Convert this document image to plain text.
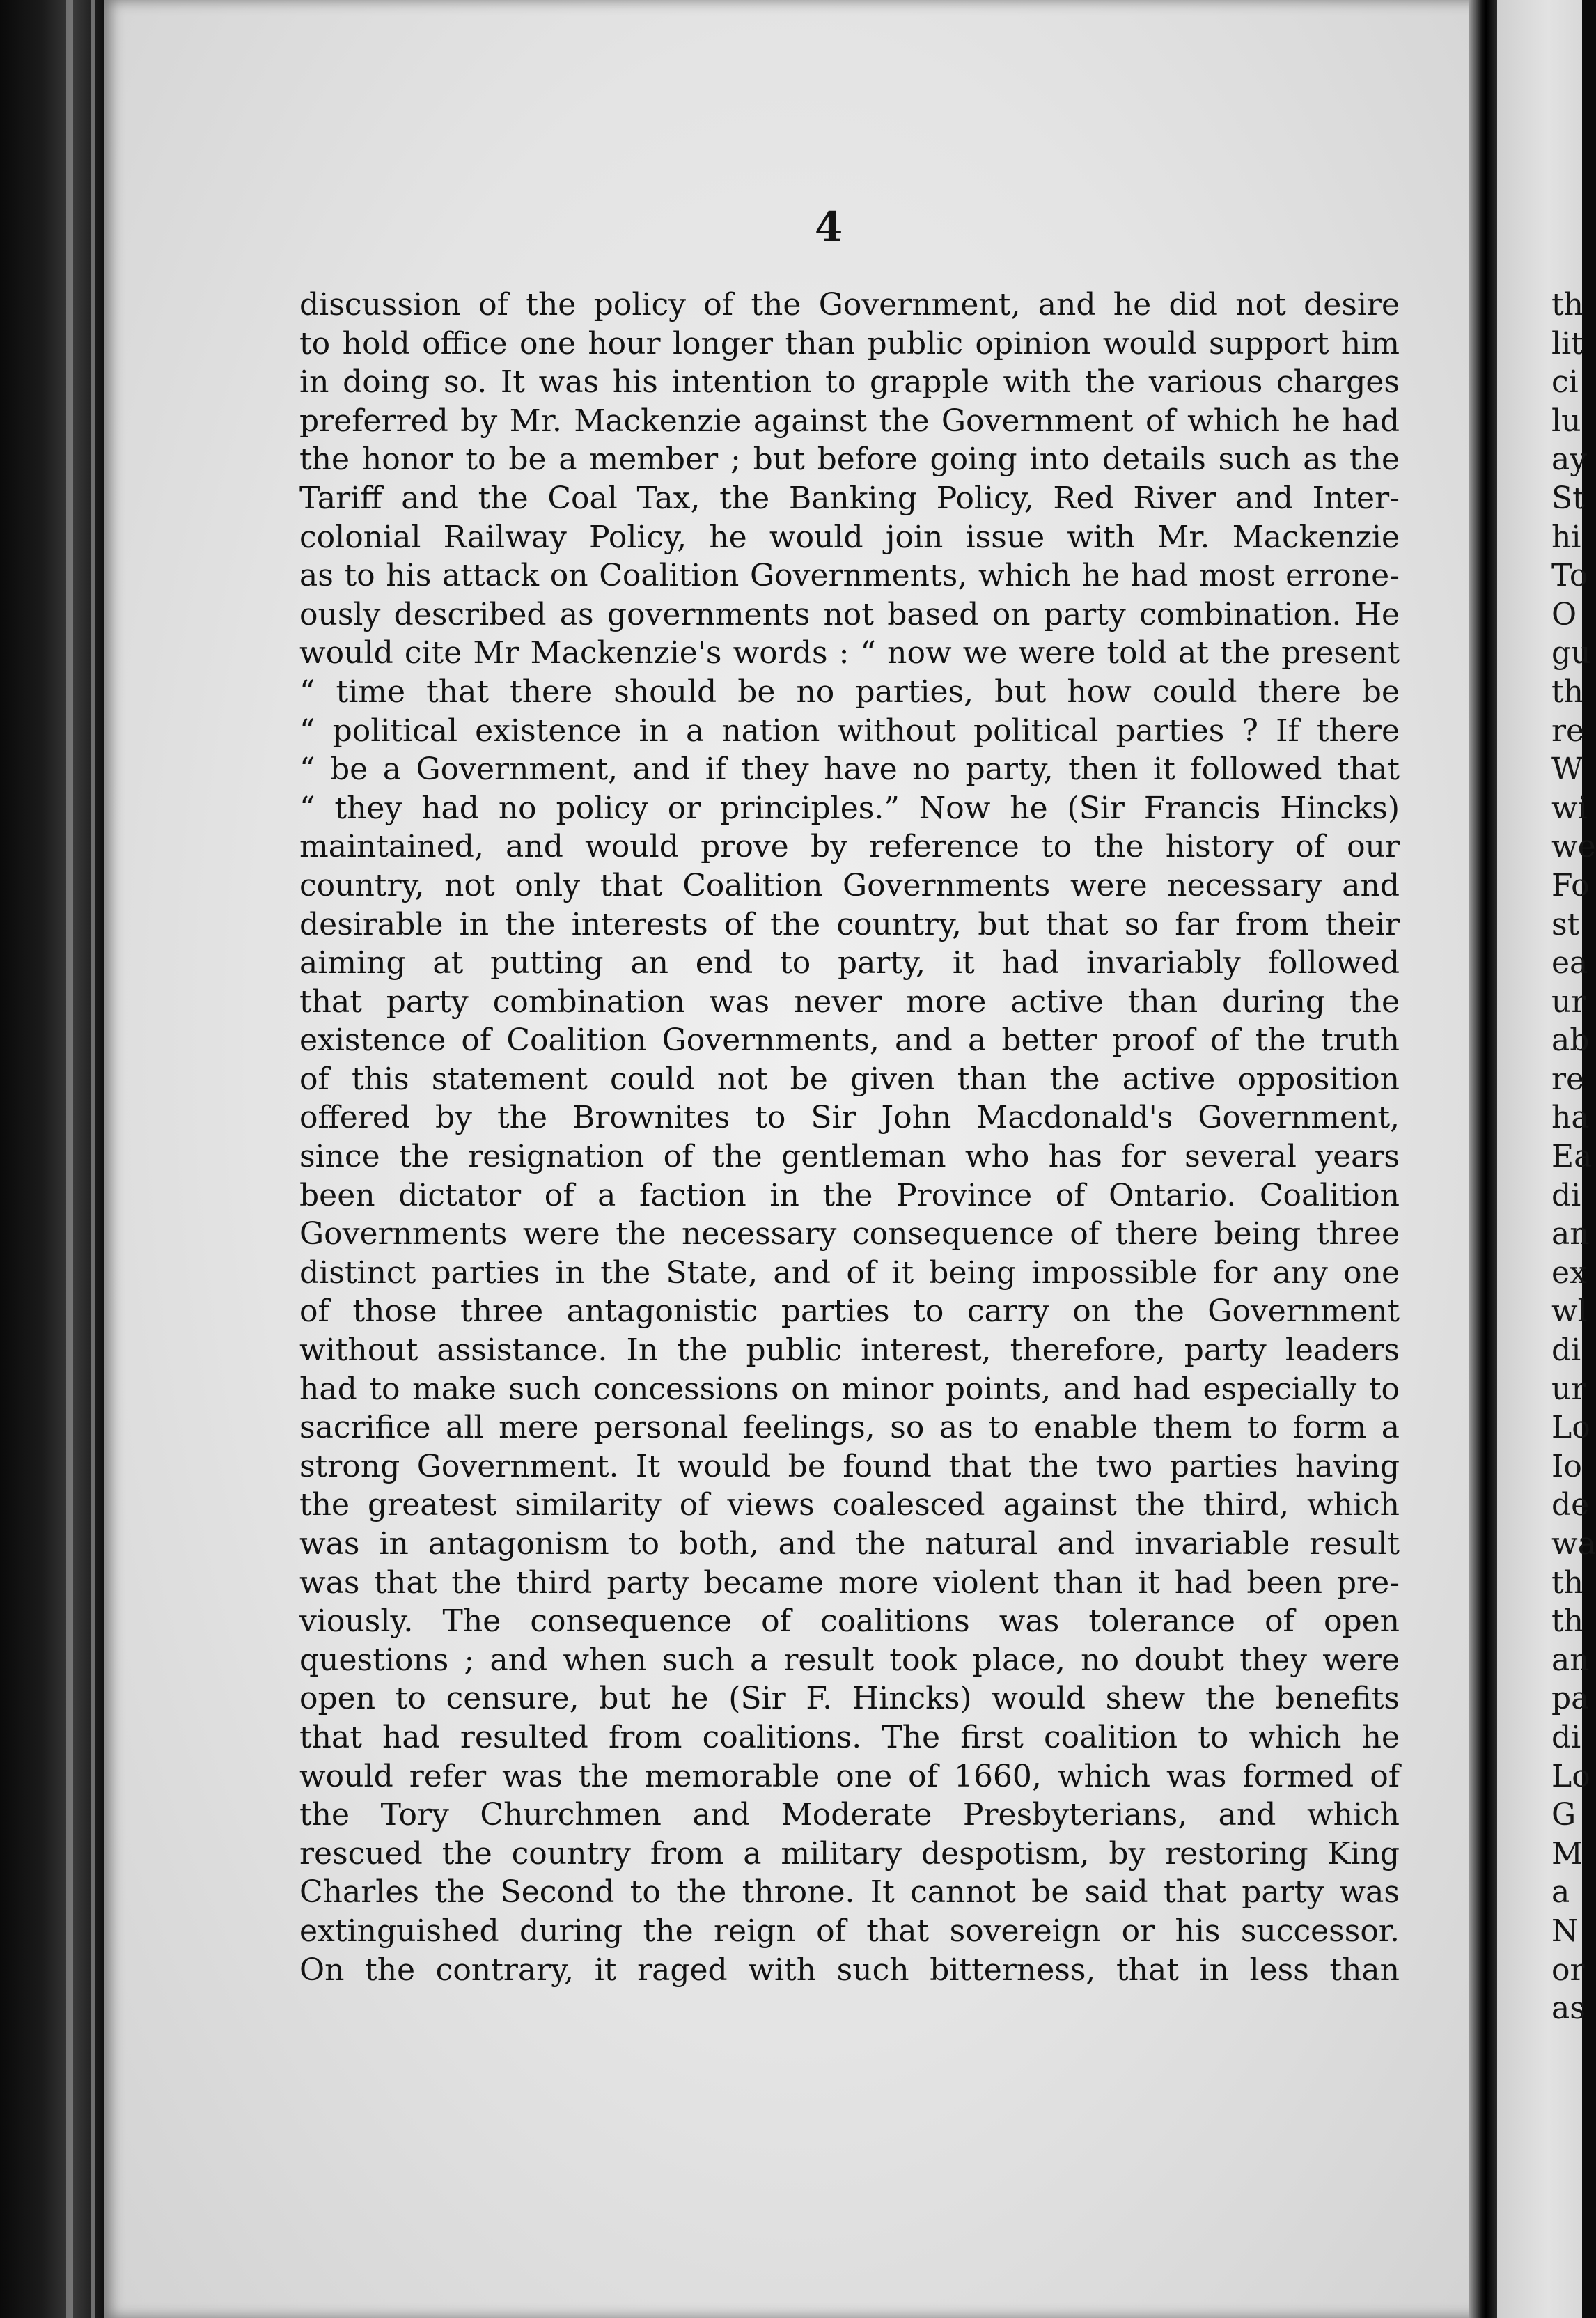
4
discussion of the policy of the Government, and he did not desire
to hold office one hour longer than public opinion would support him
in doing so. It was his intention to grapple with the various charges
preferred by Mr. Mackenzie against the Government of which he had
the honor to be a member ; but before going into details such as the
Tariff and the Coal Tax, the Banking Policy, Red River and Inter-
colonial Railway Policy, he would join issue with Mr. Mackenzie
as to his attack on Coalition Governments, which he had most errone-
ously described as governments not based on party combination. He
would cite Mr Mackenzie's words : “ now we were told at the present
“ time that there should be no parties, but how could there be
“ political existence in a nation without political parties ? If there
“ be a Government, and if they have no party, then it followed that
“ they had no policy or principles.” Now he (Sir Francis Hincks)
maintained, and would prove by reference to the history of our
country, not only that Coalition Governments were necessary and
desirable in the interests of the country, but that so far from their
aiming at putting an end to party, it had invariably followed
that party combination was never more active than during the
existence of Coalition Governments, and a better proof of the truth
of this statement could not be given than the active opposition
offered by the Brownites to Sir John Macdonald's Government,
since the resignation of the gentleman who has for several years
been dictator of a faction in the Province of Ontario. Coalition
Governments were the necessary consequence of there being three
distinct parties in the State, and of it being impossible for any one
of those three antagonistic parties to carry on the Government
without assistance. In the public interest, therefore, party leaders
had to make such concessions on minor points, and had especially to
sacrifice all mere personal feelings, so as to enable them to form a
strong Government. It would be found that the two parties having
the greatest similarity of views coalesced against the third, which
was in antagonism to both, and the natural and invariable result
was that the third party became more violent than it had been pre-
viously. The consequence of coalitions was tolerance of open
questions ; and when such a result took place, no doubt they were
open to censure, but he (Sir F. Hincks) would shew the benefits
that had resulted from coalitions. The first coalition to which he
would refer was the memorable one of 1660, which was formed of
the Tory Churchmen and Moderate Presbyterians, and which
rescued the country from a military despotism, by restoring King
Charles the Second to the throne. It cannot be said that party was
extinguished during the reign of that sovereign or his successor.
On the contrary, it raged with such bitterness, that in less than
th
lit
ci
lu
ay
St
hi
To
O
gu
th
re
W
wi
we
Fo
st
ea
ur
ab
re
ha
Ea
di
an
ex
wl
di
ur
Lo
Io
de
wa
th
th
an
pa
di
Lo
G
M
a
N
or
as
